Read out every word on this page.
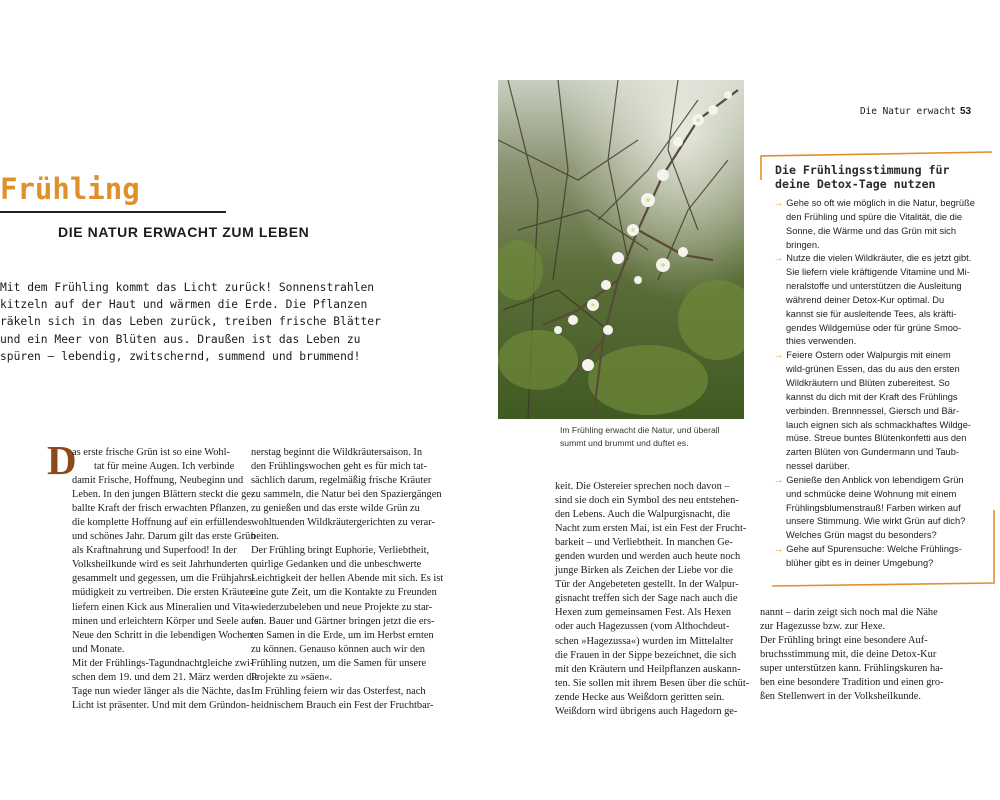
Die Natur erwacht 53
Frühling
DIE NATUR ERWACHT ZUM LEBEN
Mit dem Frühling kommt das Licht zurück! Sonnenstrahlen
kitzeln auf der Haut und wärmen die Erde. Die Pflanzen
räkeln sich in das Leben zurück, treiben frische Blätter
und ein Meer von Blüten aus. Draußen ist das Leben zu
spüren – lebendig, zwitschernd, summend und brummend!
D
as erste frische Grün ist so eine Wohl-
tat für meine Augen. Ich verbinde
damit Frische, Hoffnung, Neubeginn und
Leben. In den jungen Blättern steckt die ge-
ballte Kraft der frisch erwachten Pflanzen,
die komplette Hoffnung auf ein erfüllendes
und schönes Jahr. Darum gilt das erste Grün
als Kraftnahrung und Superfood! In der
Volksheilkunde wird es seit Jahrhunderten
gesammelt und gegessen, um die Frühjahrs-
müdigkeit zu vertreiben. Die ersten Kräuter
liefern einen Kick aus Mineralien und Vita-
minen und erleichtern Körper und Seele aufs
Neue den Schritt in die lebendigen Wochen
und Monate.
Mit der Frühlings-Tagundnachtgleiche zwi-
schen dem 19. und dem 21. März werden die
Tage nun wieder länger als die Nächte, das
Licht ist präsenter. Und mit dem Gründon-
nerstag beginnt die Wildkräutersaison. In
den Frühlingswochen geht es für mich tat-
sächlich darum, regelmäßig frische Kräuter
zu sammeln, die Natur bei den Spaziergängen
zu genießen und das erste wilde Grün zu
wohltuenden Wildkräutergerichten zu verar-
beiten.
Der Frühling bringt Euphorie, Verliebtheit,
quirlige Gedanken und die unbeschwerte
Leichtigkeit der hellen Abende mit sich. Es ist
eine gute Zeit, um die Kontakte zu Freunden
wiederzubeleben und neue Projekte zu star-
ten. Bauer und Gärtner bringen jetzt die ers-
ten Samen in die Erde, um im Herbst ernten
zu können. Genauso können auch wir den
Frühling nutzen, um die Samen für unsere
Projekte zu »säen«.
Im Frühling feiern wir das Osterfest, nach
heidnischem Brauch ein Fest der Fruchtbar-
keit. Die Ostereier sprechen noch davon –
sind sie doch ein Symbol des neu entstehen-
den Lebens. Auch die Walpurgisnacht, die
Nacht zum ersten Mai, ist ein Fest der Frucht-
barkeit – und Verliebtheit. In manchen Ge-
genden wurden und werden auch heute noch
junge Birken als Zeichen der Liebe vor die
Tür der Angebeteten gestellt. In der Walpur-
gisnacht treffen sich der Sage nach auch die
Hexen zum gemeinsamen Fest. Als Hexen
oder auch Hagezussen (vom Althochdeut-
schen »Hagezussa«) wurden im Mittelalter
die Frauen in der Sippe bezeichnet, die sich
mit den Kräutern und Heilpflanzen auskann-
ten. Sie sollen mit ihrem Besen über die schüt-
zende Hecke aus Weißdorn geritten sein.
Weißdorn wird übrigens auch Hagedorn ge-
nannt – darin zeigt sich noch mal die Nähe
zur Hagezusse bzw. zur Hexe.
Der Frühling bringt eine besondere Auf-
bruchsstimmung mit, die deine Detox-Kur
super unterstützen kann. Frühlingskuren ha-
ben eine besondere Tradition und einen gro-
ßen Stellenwert in der Volksheilkunde.
Im Frühling erwacht die Natur, und überall
summt und brummt und duftet es.
Die Frühlingsstimmung für
deine Detox-Tage nutzen
→ Gehe so oft wie möglich in die Natur, begrüße
den Frühling und spüre die Vitalität, die die
Sonne, die Wärme und das Grün mit sich
bringen.
→ Nutze die vielen Wildkräuter, die es jetzt gibt.
Sie liefern viele kräftigende Vitamine und Mi-
neralstoffe und unterstützen die Ausleitung
während deiner Detox-Kur optimal. Du
kannst sie für ausleitende Tees, als kräfti-
gendes Wildgemüse oder für grüne Smoo-
thies verwenden.
→ Feiere Ostern oder Walpurgis mit einem
wild-grünen Essen, das du aus den ersten
Wildkräutern und Blüten zubereitest. So
kannst du dich mit der Kraft des Frühlings
verbinden. Brennnessel, Giersch und Bär-
lauch eignen sich als schmackhaftes Wildge-
müse. Streue buntes Blütenkonfetti aus den
zarten Blüten von Gundermann und Taub-
nessel darüber.
→ Genieße den Anblick von lebendigem Grün
und schmücke deine Wohnung mit einem
Frühlingsblumenstrauß! Farben wirken auf
unsere Stimmung. Wie wirkt Grün auf dich?
Welches Grün magst du besonders?
→ Gehe auf Spurensuche: Welche Frühlings-
blüher gibt es in deiner Umgebung?
